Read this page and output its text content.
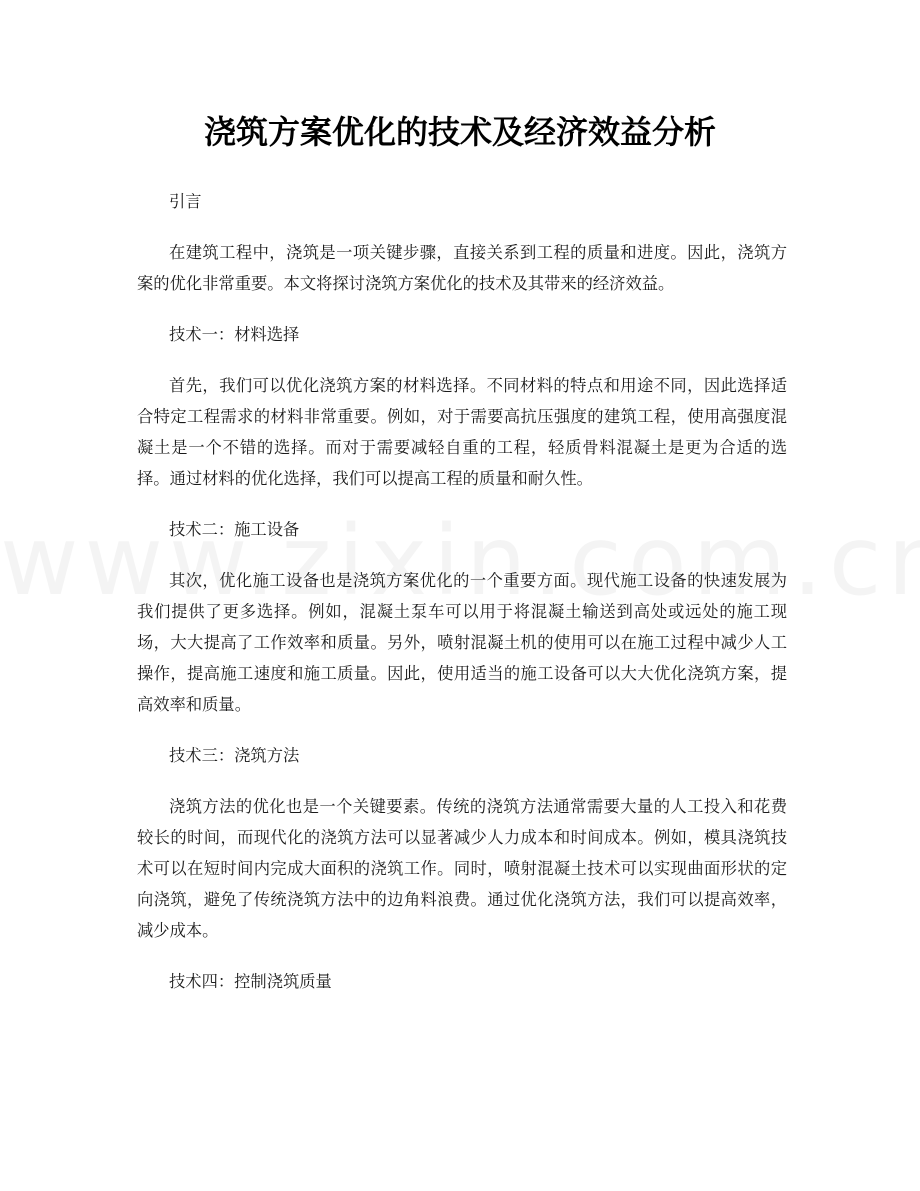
浇筑方案优化的技术及经济效益分析

引言

在建筑工程中，浇筑是一项关键步骤，直接关系到工程的质量和进度。因此，浇筑方案的优化非常重要。本文将探讨浇筑方案优化的技术及其带来的经济效益。

技术一：材料选择

首先，我们可以优化浇筑方案的材料选择。不同材料的特点和用途不同，因此选择适合特定工程需求的材料非常重要。例如，对于需要高抗压强度的建筑工程，使用高强度混凝土是一个不错的选择。而对于需要减轻自重的工程，轻质骨料混凝土是更为合适的选择。通过材料的优化选择，我们可以提高工程的质量和耐久性。

技术二：施工设备

其次，优化施工设备也是浇筑方案优化的一个重要方面。现代施工设备的快速发展为我们提供了更多选择。例如，混凝土泵车可以用于将混凝土输送到高处或远处的施工现场，大大提高了工作效率和质量。另外，喷射混凝土机的使用可以在施工过程中减少人工操作，提高施工速度和施工质量。因此，使用适当的施工设备可以大大优化浇筑方案，提高效率和质量。

技术三：浇筑方法

浇筑方法的优化也是一个关键要素。传统的浇筑方法通常需要大量的人工投入和花费较长的时间，而现代化的浇筑方法可以显著减少人力成本和时间成本。例如，模具浇筑技术可以在短时间内完成大面积的浇筑工作。同时，喷射混凝土技术可以实现曲面形状的定向浇筑，避免了传统浇筑方法中的边角料浪费。通过优化浇筑方法，我们可以提高效率，减少成本。

技术四：控制浇筑质量
